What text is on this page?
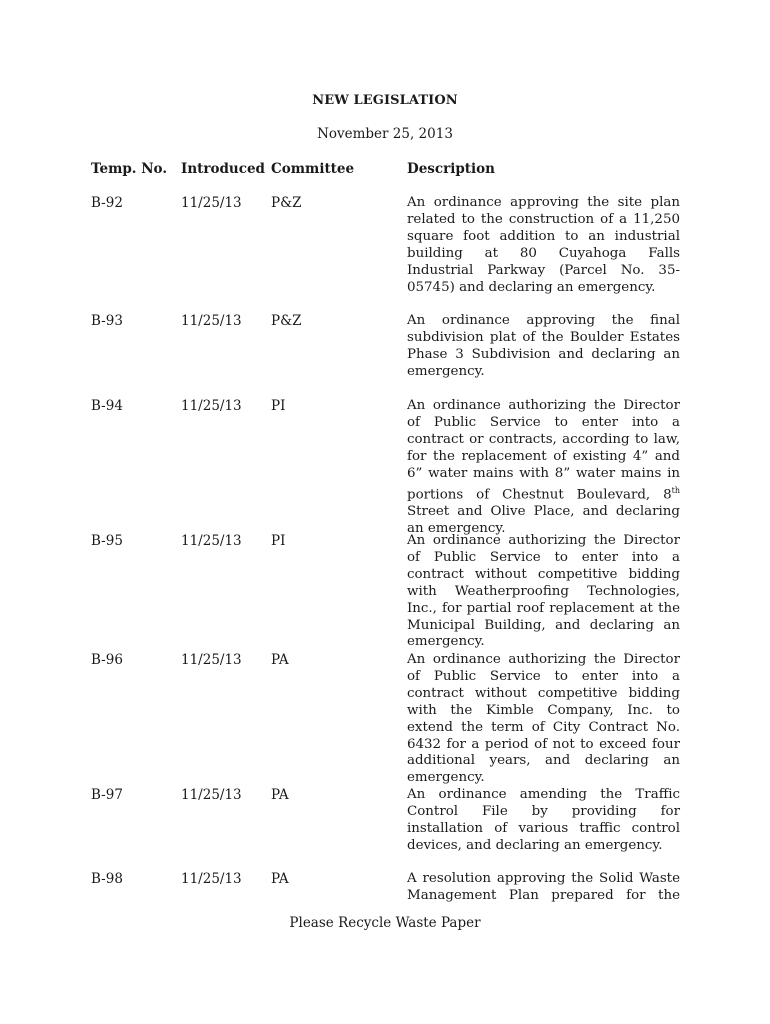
NEW LEGISLATION
November 25, 2013
Temp. No. Introduced Committee	Description
B-92	11/25/13 P&Z	An ordinance approving the site plan related to the construction of a 11,250 square foot addition to an industrial building at 80 Cuyahoga Falls Industrial Parkway (Parcel No. 35-05745) and declaring an emergency.
B-93	11/25/13 P&Z	An ordinance approving the final subdivision plat of the Boulder Estates Phase 3 Subdivision and declaring an emergency.
B-94	11/25/13 PI	An ordinance authorizing the Director of Public Service to enter into a contract or contracts, according to law, for the replacement of existing 4” and 6” water mains with 8” water mains in portions of Chestnut Boulevard, 8th Street and Olive Place, and declaring an emergency.
B-95	11/25/13 PI	An ordinance authorizing the Director of Public Service to enter into a contract without competitive bidding with Weatherproofing Technologies, Inc., for partial roof replacement at the Municipal Building, and declaring an emergency.
B-96	11/25/13 PA	An ordinance authorizing the Director of Public Service to enter into a contract without competitive bidding with the Kimble Company, Inc. to extend the term of City Contract No. 6432 for a period of not to exceed four additional years, and declaring an emergency.
B-97	11/25/13 PA	An ordinance amending the Traffic Control File by providing for installation of various traffic control devices, and declaring an emergency.
B-98	11/25/13 PA	A resolution approving the Solid Waste Management Plan prepared for the
Please Recycle Waste Paper
